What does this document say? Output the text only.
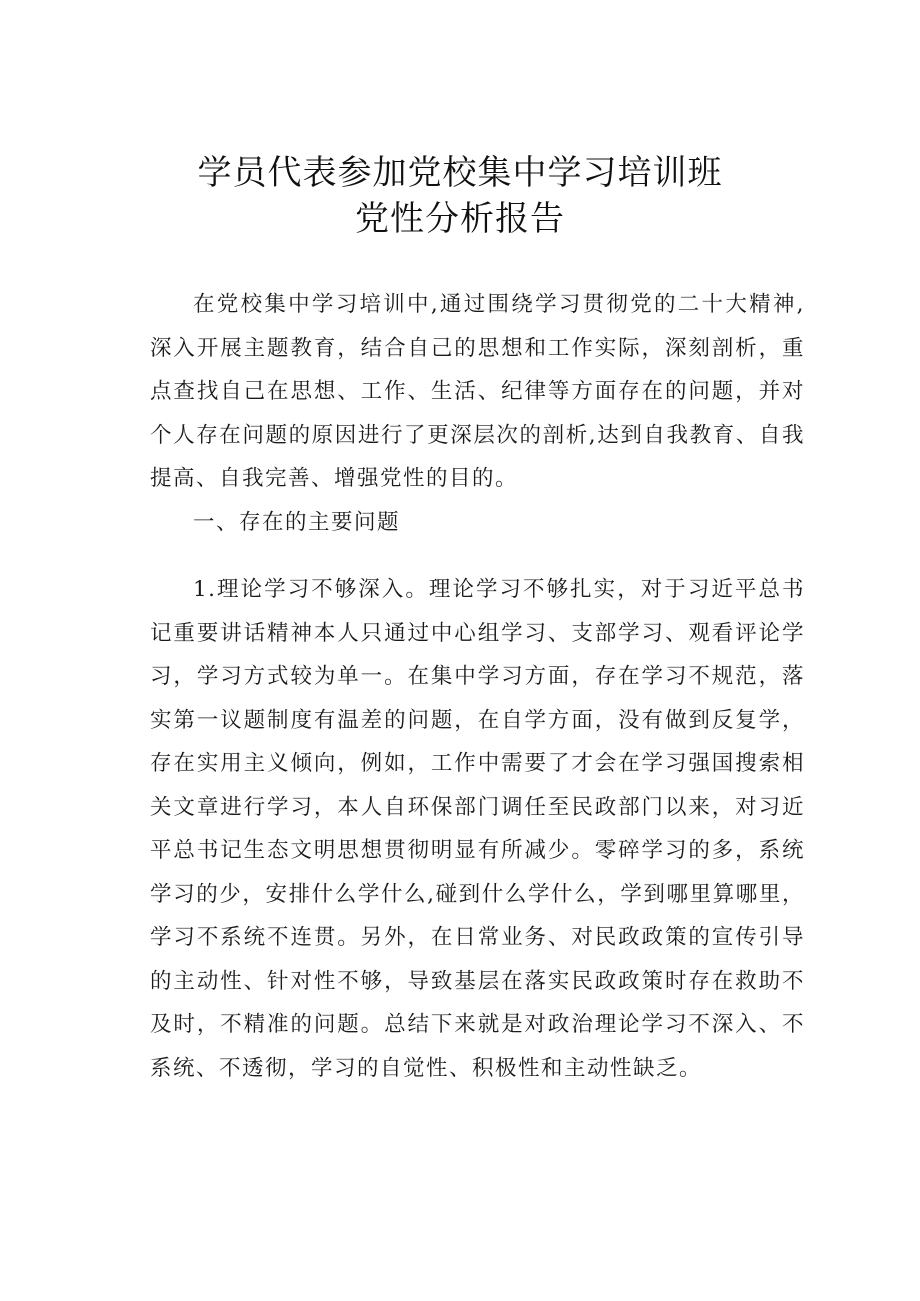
学员代表参加党校集中学习培训班
党性分析报告

在党校集中学习培训中,通过围绕学习贯彻党的二十大精神,深入开展主题教育，结合自己的思想和工作实际，深刻剖析，重点查找自己在思想、工作、生活、纪律等方面存在的问题，并对个人存在问题的原因进行了更深层次的剖析,达到自我教育、自我提高、自我完善、增强党性的目的。

一、存在的主要问题

1.理论学习不够深入。理论学习不够扎实，对于习近平总书记重要讲话精神本人只通过中心组学习、支部学习、观看评论学习，学习方式较为单一。在集中学习方面，存在学习不规范，落实第一议题制度有温差的问题，在自学方面，没有做到反复学，存在实用主义倾向，例如，工作中需要了才会在学习强国搜索相关文章进行学习，本人自环保部门调任至民政部门以来，对习近平总书记生态文明思想贯彻明显有所减少。零碎学习的多，系统学习的少，安排什么学什么,碰到什么学什么，学到哪里算哪里，学习不系统不连贯。另外，在日常业务、对民政政策的宣传引导的主动性、针对性不够，导致基层在落实民政政策时存在救助不及时，不精准的问题。总结下来就是对政治理论学习不深入、不系统、不透彻，学习的自觉性、积极性和主动性缺乏。
